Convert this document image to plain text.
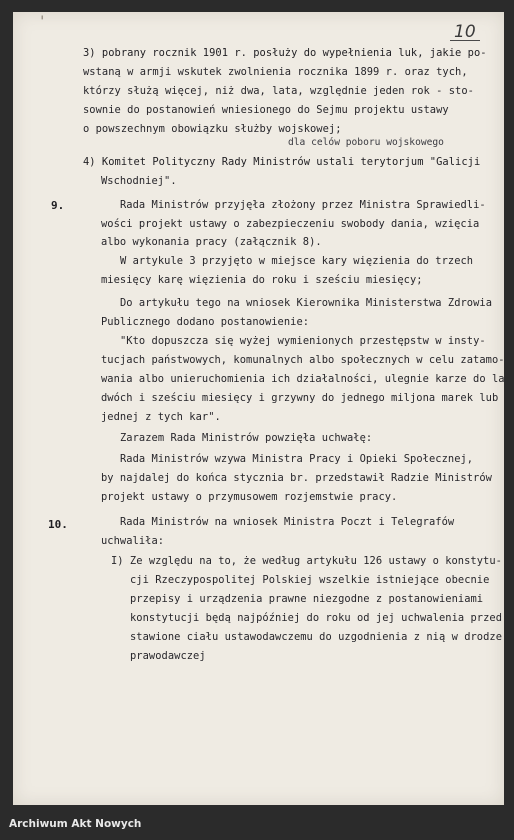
'	10
9.
10.
dla celów poboru wojskowego
3) pobrany rocznik 1901 r. posłuży do wypełnienia luk, jakie po-
wstaną w armji wskutek zwolnienia rocznika 1899 r. oraz tych,
którzy służą więcej, niż dwa, lata, względnie jeden rok - sto-
sownie do postanowień wniesionego do Sejmu projektu ustawy
o powszechnym obowiązku służby wojskowej;
4) Komitet Polityczny Rady Ministrów ustali terytorjum "Galicji
Wschodniej".
Rada Ministrów przyjęła złożony przez Ministra Sprawiedli-
wości projekt ustawy o zabezpieczeniu swobody dania, wzięcia
albo wykonania pracy (załącznik 8).
W artykule 3 przyjęto w miejsce kary więzienia do trzech
miesięcy karę więzienia do roku i sześciu miesięcy;
Do artykułu tego na wniosek Kierownika Ministerstwa Zdrowia
Publicznego dodano postanowienie:
"Kto dopuszcza się wyżej wymienionych przestępstw w insty-
tucjach państwowych, komunalnych albo społecznych w celu zatamo-
wania albo unieruchomienia ich działalności, ulegnie karze do la
dwóch i sześciu miesięcy i grzywny do jednego miljona marek lub
jednej z tych kar".
Zarazem Rada Ministrów powzięła uchwałę:
Rada Ministrów wzywa Ministra Pracy i Opieki Społecznej,
by najdalej do końca stycznia br. przedstawił Radzie Ministrów
projekt ustawy o przymusowem rozjemstwie pracy.
Rada Ministrów na wniosek Ministra Poczt i Telegrafów
uchwaliła:
I) Ze względu na to, że według artykułu 126 ustawy o konstytu-
cji Rzeczypospolitej Polskiej wszelkie istniejące obecnie
przepisy i urządzenia prawne niezgodne z postanowieniami
konstytucji będą najpóźniej do roku od jej uchwalenia przed
stawione ciału ustawodawczemu do uzgodnienia z nią w drodze
prawodawczej
Archiwum Akt Nowych
